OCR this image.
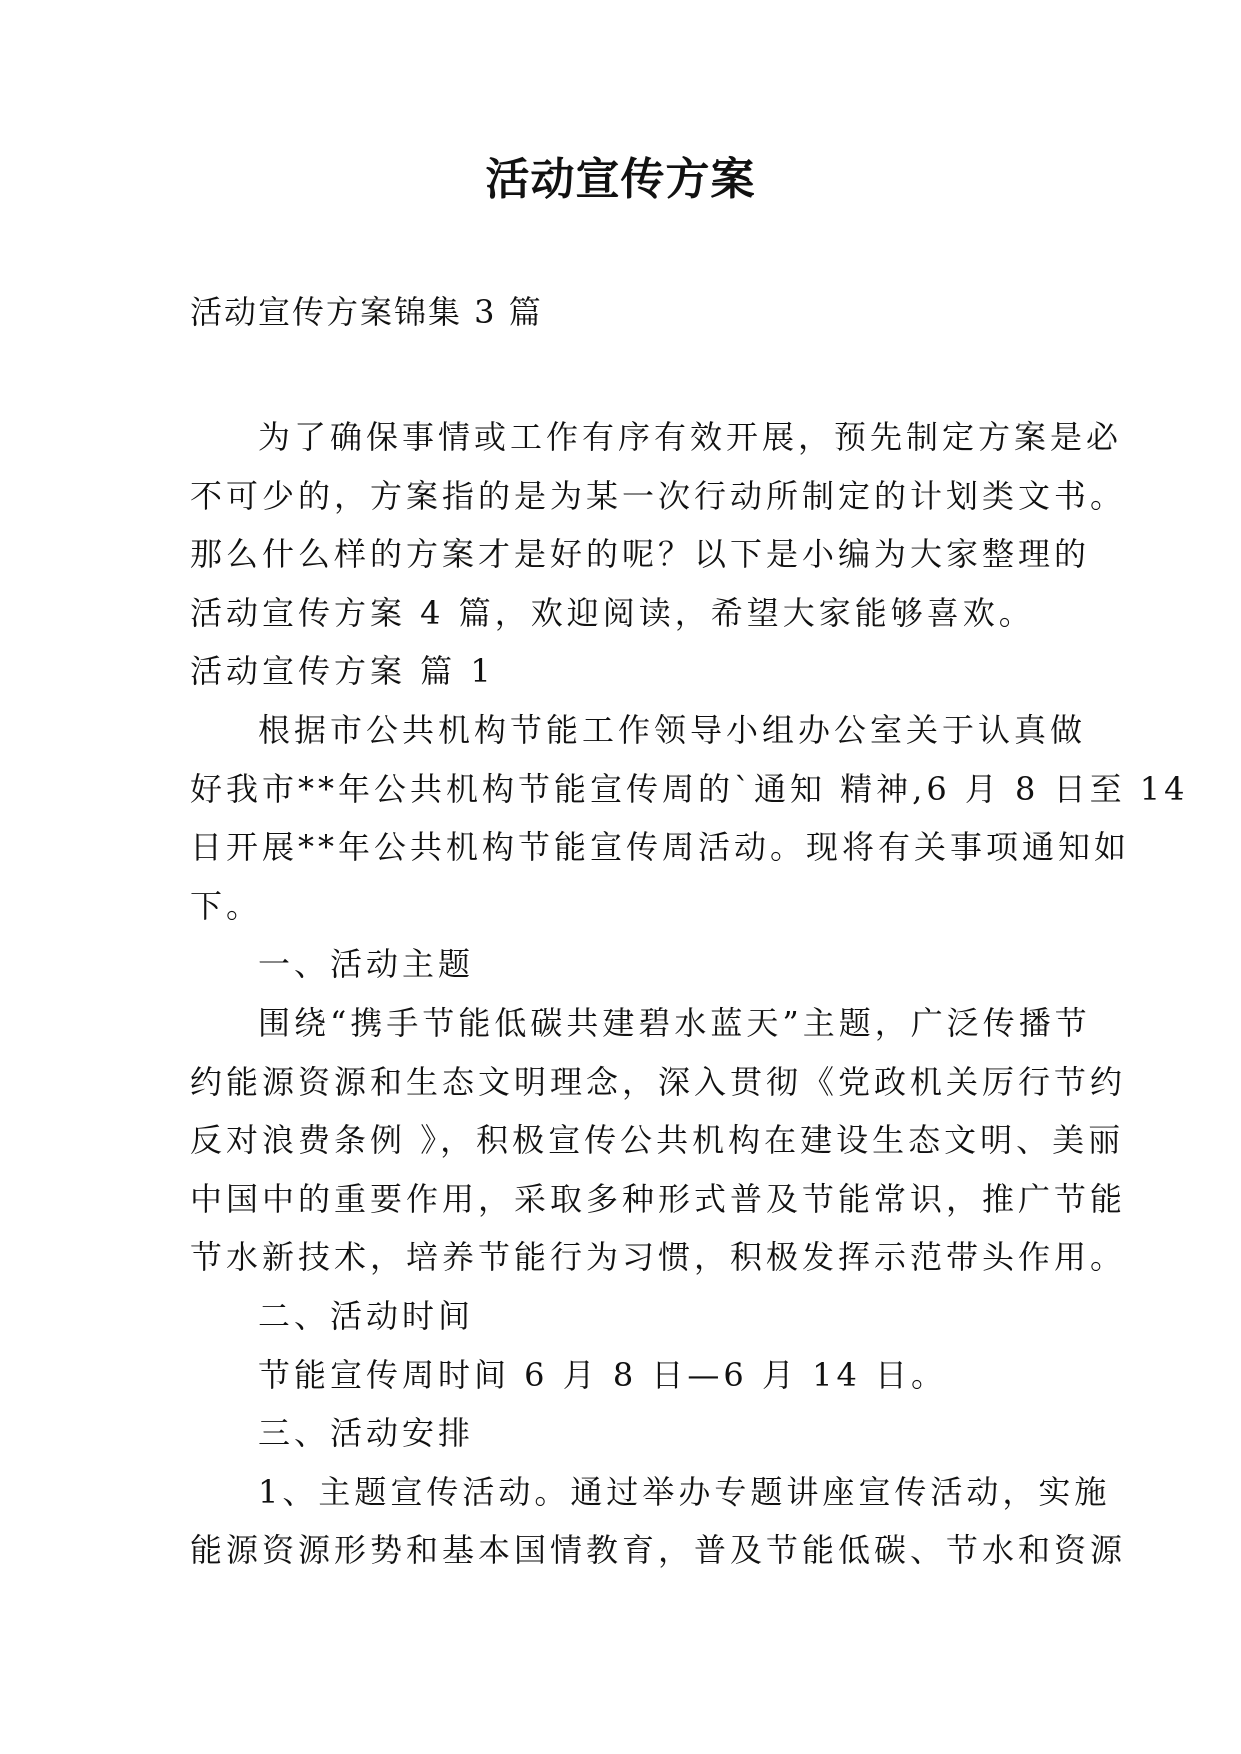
活动宣传方案
活动宣传方案锦集 3 篇
为了确保事情或工作有序有效开展，预先制定方案是必
不可少的，方案指的是为某一次行动所制定的计划类文书。
那么什么样的方案才是好的呢？以下是小编为大家整理的
活动宣传方案 4 篇，欢迎阅读，希望大家能够喜欢。
活动宣传方案 篇 1
根据市公共机构节能工作领导小组办公室关于认真做
好我市**年公共机构节能宣传周的`通知 精神,6 月 8 日至 14
日开展**年公共机构节能宣传周活动。现将有关事项通知如
下。
一、活动主题
围绕“携手节能低碳共建碧水蓝天”主题，广泛传播节
约能源资源和生态文明理念，深入贯彻《党政机关厉行节约
反对浪费条例 》，积极宣传公共机构在建设生态文明、美丽
中国中的重要作用，采取多种形式普及节能常识，推广节能
节水新技术，培养节能行为习惯，积极发挥示范带头作用。
二、活动时间
节能宣传周时间 6 月 8 日—6 月 14 日。
三、活动安排
1、主题宣传活动。通过举办专题讲座宣传活动，实施
能源资源形势和基本国情教育，普及节能低碳、节水和资源
